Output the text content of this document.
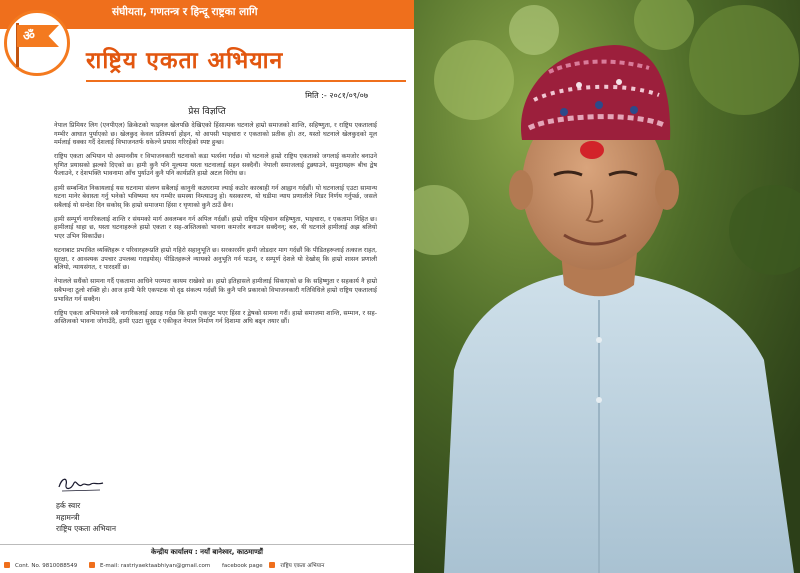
संघीयता, गणतन्त्र र हिन्दू राष्ट्रका लागि
ॐ
राष्ट्रिय एकता अभियान
मिति :- २०८१/०९/०७
प्रेस विज्ञप्ति

नेपाल प्रिमियर लिग (एनपीएल) क्रिकेटको फाइनल खेलपछि देखिएको हिंसात्मक घटनाले हाम्रो समाजको शान्ति, सहिष्णुता, र राष्ट्रिय एकतालाई गम्भीर आघात पुर्याएको छ। खेलकुद केवल प्रतिस्पर्धा होइन, यो आपसी भाइचारा र एकताको प्रतीक हो। तर, यस्तो घटनाले खेलकुदको मूल मर्मलाई धक्का गर्दै देशलाई विभाजनतर्फ धकेल्ने प्रयास गरिरहेको स्पष्ट हुन्छ।

राष्ट्रिय एकता अभियान यो अमानवीय र विभाजनकारी घटनाको कडा भर्त्सना गर्दछ। यो घटनाले हाम्रो राष्ट्रिय एकताको जगलाई कमजोर बनाउने घृणित प्रयासको झल्को दिएको छ। हामी कुनै पनि मूल्यमा यस्ता घटनालाई सहन सक्दैनौं। नेपाली समाजलाई टुक्र्याउने, समुदायहरू बीच द्वेष फैलाउने, र देशभक्ति भावनामा आँच पुर्याउने कुनै पनि कार्यप्रति हाम्रो अटल विरोध छ।

हामी सम्बन्धित निकायलाई यस घटनामा संलग्न सबैलाई कानुनी कठघरामा ल्याई कठोर कारबाही गर्न आह्वान गर्दछौं। यो घटनालाई एउटा सामान्य घटना मानेर बेवास्ता गर्नु भनेको भविष्यमा थप गम्भीर समस्या निम्त्याउनु हो। यसकारण, यो घडीमा न्याय प्रणालीले निडर निर्णय गर्नुपर्छ, जसले सबैलाई यो सन्देश दिन सकोस् कि हाम्रो समाजमा हिंसा र घृणाको कुनै ठाउँ छैन।

हामी सम्पूर्ण नागरिकलाई शान्ति र संयमको मार्ग अवलम्बन गर्न अपिल गर्दछौं। हाम्रो राष्ट्रिय पहिचान सहिष्णुता, भाइचारा, र एकतामा निहित छ। हामीलाई थाहा छ, यस्ता घटनाहरूले हाम्रो एकता र सह-अस्तित्वको भावना कमजोर बनाउन सक्दैनन्; बरु, यी घटनाले हामीलाई अझ बलियो भएर उभिन सिकाउँछ।

घटनाबाट प्रभावित व्यक्तिहरू र परिवारहरूप्रति हाम्रो गहिरो सहानुभूति छ। सरकारसँग हामी जोडदार माग गर्दछौं कि पीडितहरूलाई तत्काल राहत, सुरक्षा, र आवश्यक उपचार उपलब्ध गराइयोस्। पीडितहरूले न्यायको अनुभूति गर्न पाउन्, र सम्पूर्ण देशले यो देखोस् कि हाम्रो शासन प्रणाली बलियो, न्यायसंगत, र पारदर्शी छ।

नेपालले सधैंको सामना गर्दै एकतामा आधिने परम्परा कायम राखेको छ। हाम्रो इतिहासले हामीलाई सिकाएको छ कि सहिष्णुता र सहकार्य नै हाम्रो सबैभन्दा ठूलो शक्ति हो। आज हामी फेरि एकपटक यो दृढ संकल्प गर्दछौं कि कुनै पनि प्रकारको विभाजनकारी गतिविधिले हाम्रो राष्ट्रिय एकतालाई प्रभावित गर्न सक्दैन।

राष्ट्रिय एकता अभियानले सबै नागरिकलाई आग्रह गर्दछ कि हामी एकजुट भएर हिंसा र द्वेषको सामना गरौं। हाम्रो समाजमा शान्ति, सम्मान, र सह-अस्तित्वको भावना जोगाउँदै, हामी एउटा सुदृढ र एकीकृत नेपाल निर्माण गर्न दिशामा अघि बढ्न तयार छौं।

हर्क स्वार
महामन्त्री
राष्ट्रिय एकता अभियान
केन्द्रीय कार्यालय : नयाँ बानेश्वर, काठमाण्डौं
Cont. No. 9810088549	E-mail: rastriyaektaabhiyan@gmail.com facebook page	राष्ट्रिय एकता अभियान
